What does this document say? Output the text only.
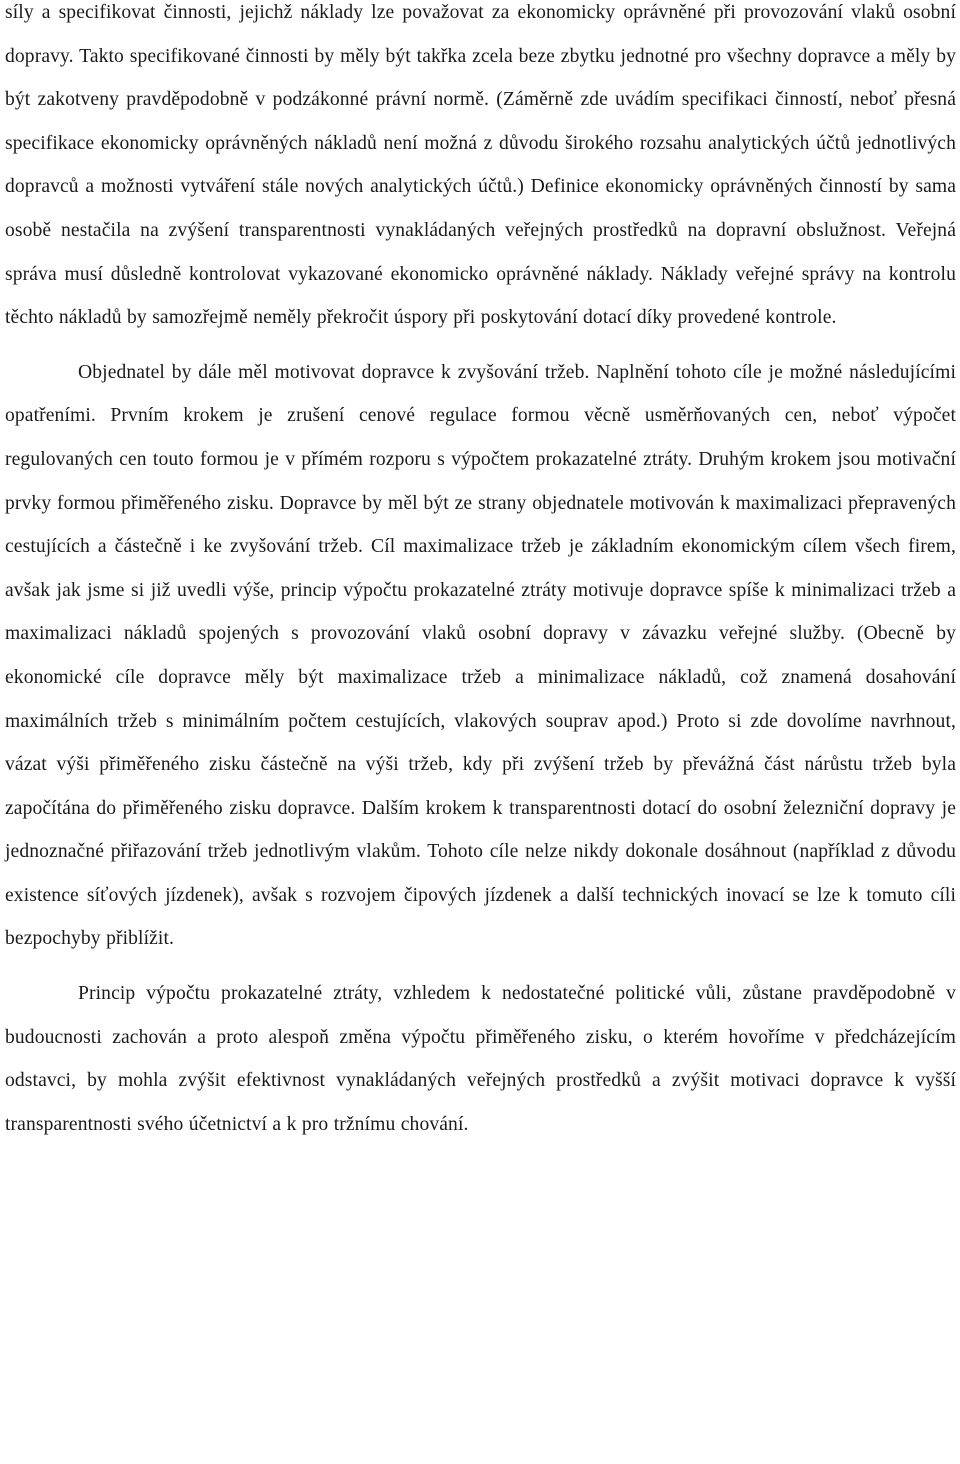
síly a specifikovat činnosti, jejichž náklady lze považovat za ekonomicky oprávněné při provozování vlaků osobní dopravy. Takto specifikované činnosti by měly být takřka zcela beze zbytku jednotné pro všechny dopravce a měly by být zakotveny pravděpodobně v podzákonné právní normě. (Záměrně zde uvádím specifikaci činností, neboť přesná specifikace ekonomicky oprávněných nákladů není možná z důvodu širokého rozsahu analytických účtů jednotlivých dopravců a možnosti vytváření stále nových analytických účtů.) Definice ekonomicky oprávněných činností by sama osobě nestačila na zvýšení transparentnosti vynakládaných veřejných prostředků na dopravní obslužnost. Veřejná správa musí důsledně kontrolovat vykazované ekonomicko oprávněné náklady. Náklady veřejné správy na kontrolu těchto nákladů by samozřejmě neměly překročit úspory při poskytování dotací díky provedené kontrole.

Objednatel by dále měl motivovat dopravce k zvyšování tržeb. Naplnění tohoto cíle je možné následujícími opatřeními. Prvním krokem je zrušení cenové regulace formou věcně usměrňovaných cen, neboť výpočet regulovaných cen touto formou je v přímém rozporu s výpočtem prokazatelné ztráty. Druhým krokem jsou motivační prvky formou přiměřeného zisku. Dopravce by měl být ze strany objednatele motivován k maximalizaci přepravených cestujících a částečně i ke zvyšování tržeb. Cíl maximalizace tržeb je základním ekonomickým cílem všech firem, avšak jak jsme si již uvedli výše, princip výpočtu prokazatelné ztráty motivuje dopravce spíše k minimalizaci tržeb a maximalizaci nákladů spojených s provozování vlaků osobní dopravy v závazku veřejné služby. (Obecně by ekonomické cíle dopravce měly být maximalizace tržeb a minimalizace nákladů, což znamená dosahování maximálních tržeb s minimálním počtem cestujících, vlakových souprav apod.) Proto si zde dovolíme navrhnout, vázat výši přiměřeného zisku částečně na výši tržeb, kdy při zvýšení tržeb by převážná část nárůstu tržeb byla započítána do přiměřeného zisku dopravce. Dalším krokem k transparentnosti dotací do osobní železniční dopravy je jednoznačné přiřazování tržeb jednotlivým vlakům. Tohoto cíle nelze nikdy dokonale dosáhnout (například z důvodu existence síťových jízdenek), avšak s rozvojem čipových jízdenek a další technických inovací se lze k tomuto cíli bezpochyby přiblížit.

Princip výpočtu prokazatelné ztráty, vzhledem k nedostatečné politické vůli, zůstane pravděpodobně v budoucnosti zachován a proto alespoň změna výpočtu přiměřeného zisku, o kterém hovoříme v předcházejícím odstavci, by mohla zvýšit efektivnost vynakládaných veřejných prostředků a zvýšit motivaci dopravce k vyšší transparentnosti svého účetnictví a k pro tržnímu chování.
